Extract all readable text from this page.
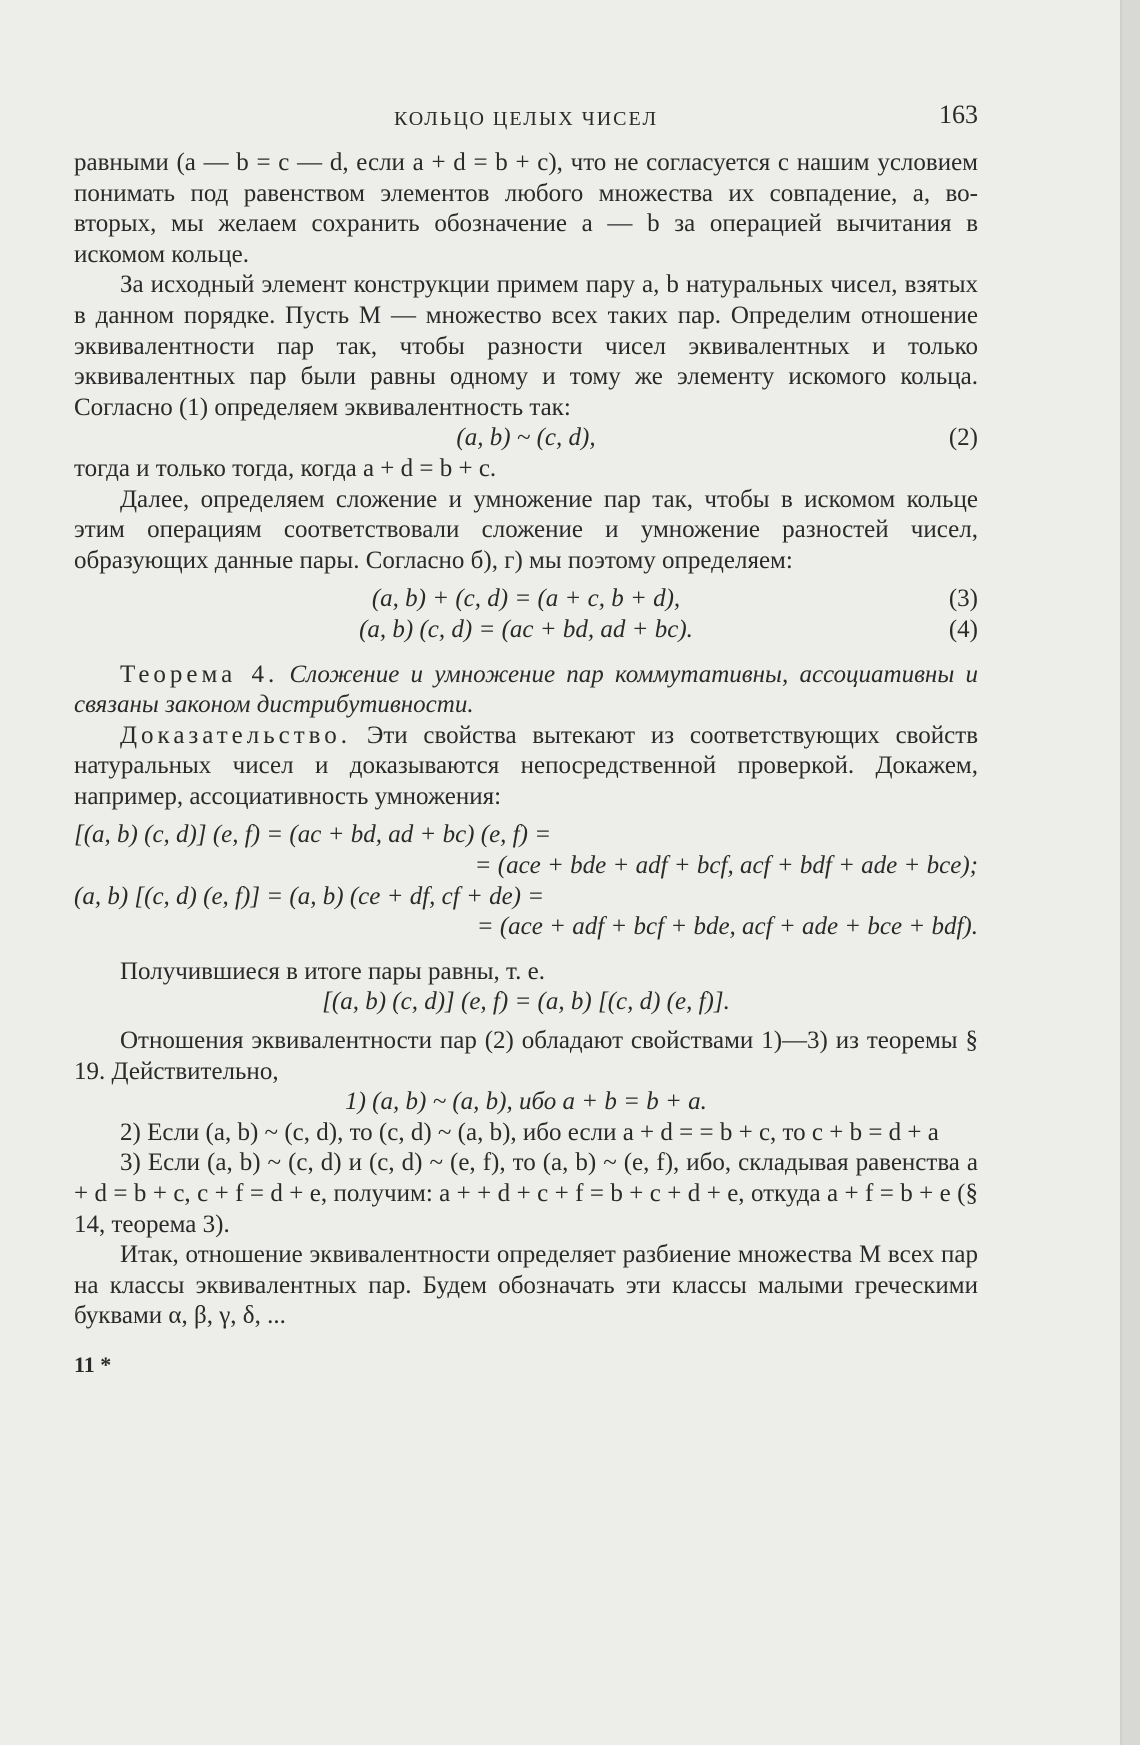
КОЛЬЦО ЦЕЛЫХ ЧИСЕЛ	163

равными (a — b = c — d, если a + d = b + c), что не согласуется с нашим условием понимать под равенством элементов любого множества их совпадение, а, во-вторых, мы желаем сохранить обозначение a — b за операцией вычитания в искомом кольце.

За исходный элемент конструкции примем пару a, b натуральных чисел, взятых в данном порядке. Пусть M — множество всех таких пар. Определим отношение эквивалентности пар так, чтобы разности чисел эквивалентных и только эквивалентных пар были равны одному и тому же элементу искомого кольца. Согласно (1) определяем эквивалентность так:

(a, b) ~ (c, d),	(2)

тогда и только тогда, когда a + d = b + c.

Далее, определяем сложение и умножение пар так, чтобы в искомом кольце этим операциям соответствовали сложение и умножение разностей чисел, образующих данные пары. Согласно б), г) мы поэтому определяем:

(a, b) + (c, d) = (a + c, b + d),	(3)
(a, b) (c, d) = (ac + bd, ad + bc).	(4)

Теорема 4. Сложение и умножение пар коммутативны, ассоциативны и связаны законом дистрибутивности.

Доказательство. Эти свойства вытекают из соответствующих свойств натуральных чисел и доказываются непосредственной проверкой. Докажем, например, ассоциативность умножения:

[(a, b) (c, d)] (e, f) = (ac + bd, ad + bc) (e, f) =
= (ace + bde + adf + bcf, acf + bdf + ade + bce);
(a, b) [(c, d) (e, f)] = (a, b) (ce + df, cf + de) =
= (ace + adf + bcf + bde, acf + ade + bce + bdf).

Получившиеся в итоге пары равны, т. е.

[(a, b) (c, d)] (e, f) = (a, b) [(c, d) (e, f)].

Отношения эквивалентности пар (2) обладают свойствами 1)—3) из теоремы § 19. Действительно,

1) (a, b) ~ (a, b), ибо a + b = b + a.

2) Если (a, b) ~ (c, d), то (c, d) ~ (a, b), ибо если a + d = = b + c, то c + b = d + a

3) Если (a, b) ~ (c, d) и (c, d) ~ (e, f), то (a, b) ~ (e, f), ибо, складывая равенства a + d = b + c, c + f = d + e, получим: a + + d + c + f = b + c + d + e, откуда a + f = b + e (§ 14, теорема 3).

Итак, отношение эквивалентности определяет разбиение множества M всех пар на классы эквивалентных пар. Будем обозначать эти классы малыми греческими буквами α, β, γ, δ, ...

11 *
